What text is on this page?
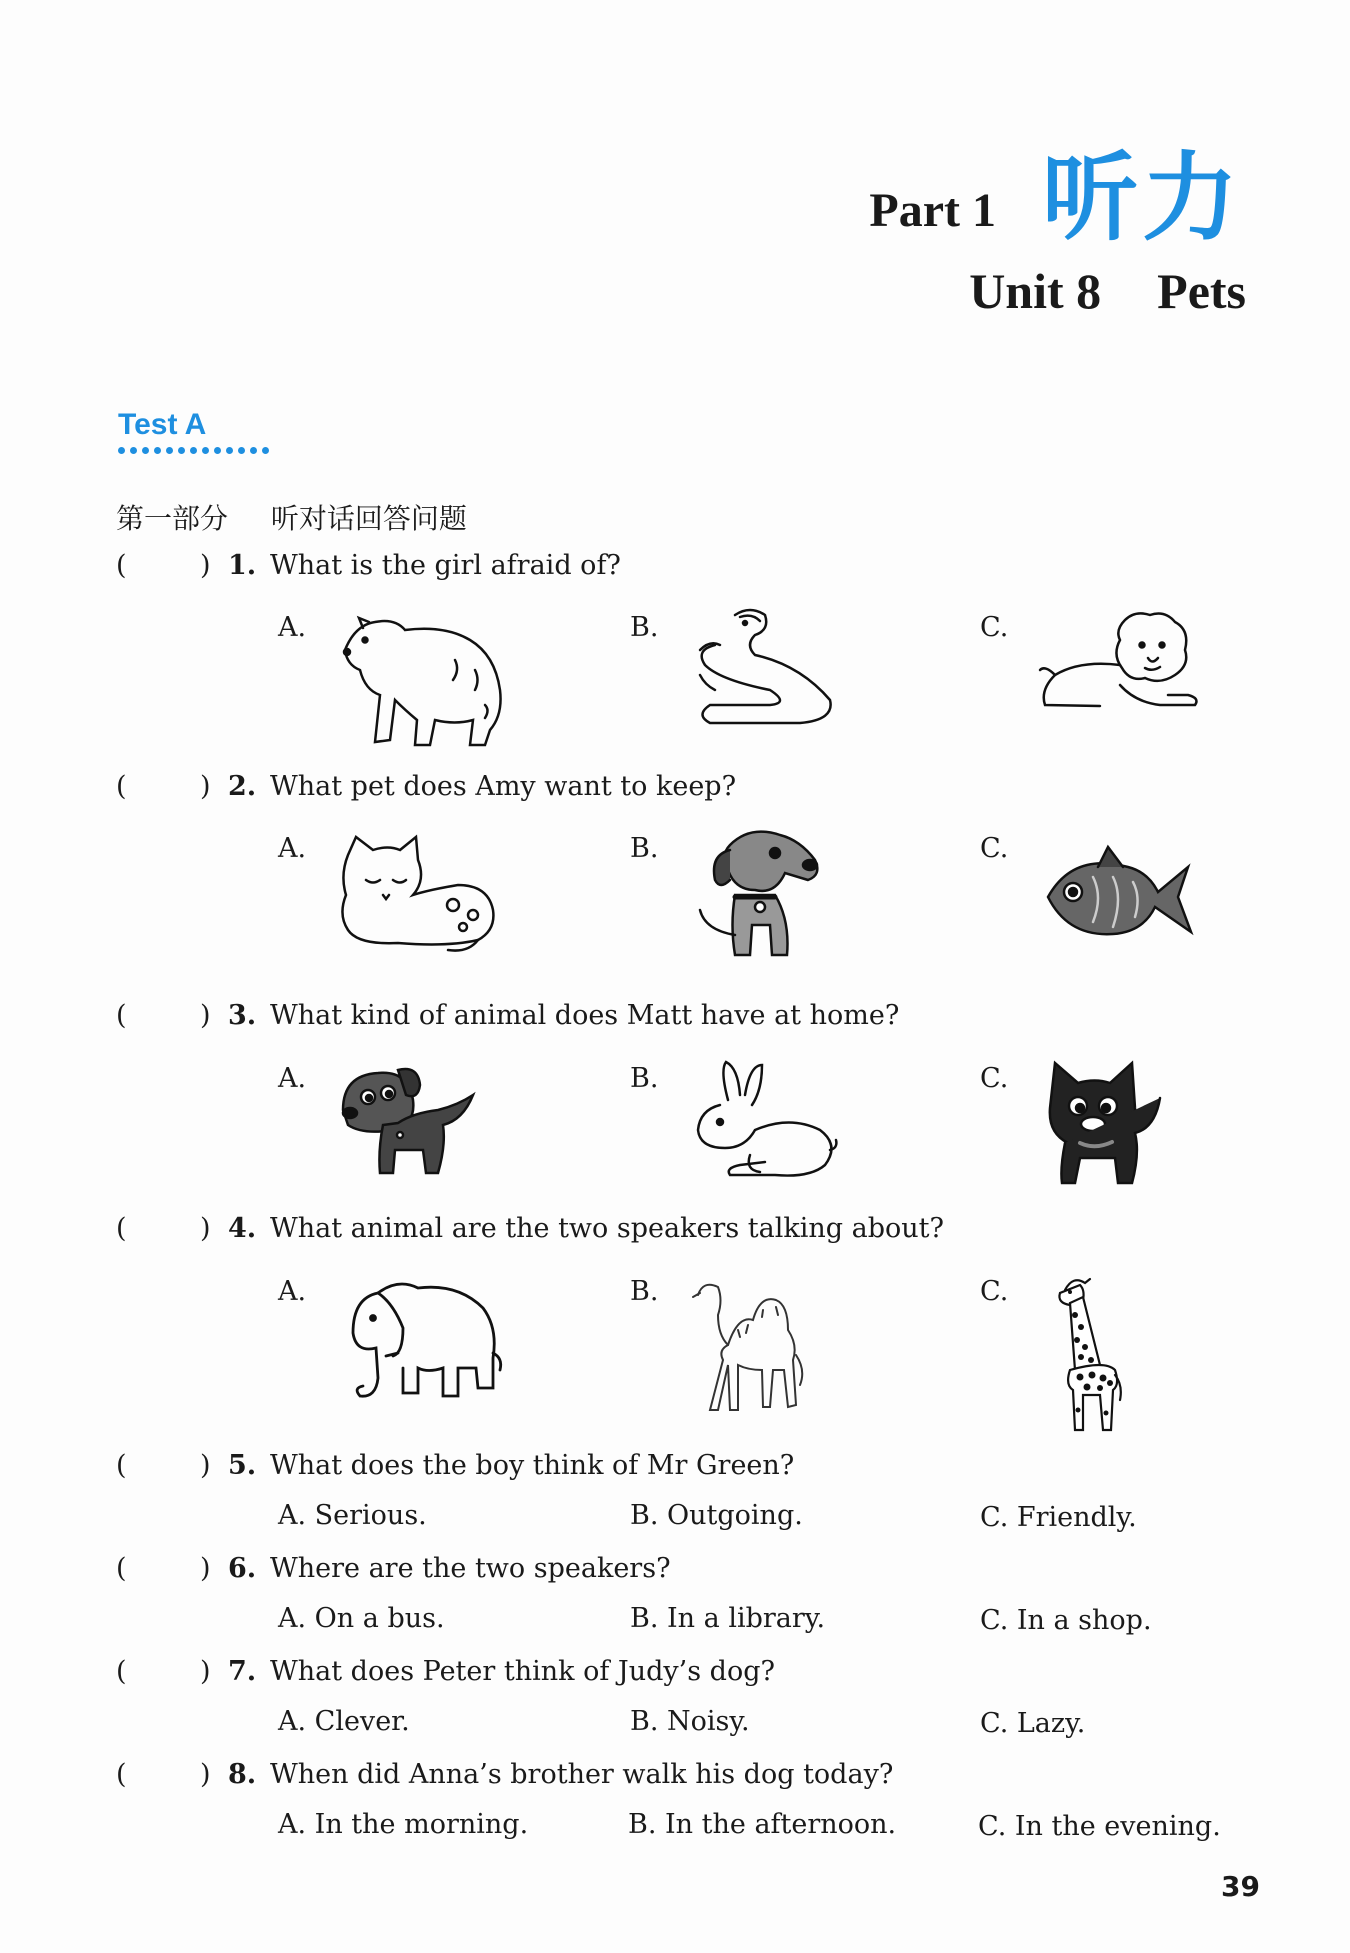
Part 1 听力
Unit 8 Pets
Test A
第一部分 听对话回答问题
(	) 1. What is the girl afraid of?
A.	B.	C.
(	) 2. What pet does Amy want to keep?
A.	B.	C.
(	) 3. What kind of animal does Matt have at home?
A.	B.	C.
(	) 4. What animal are the two speakers talking about?
A.	B.	C.
(	) 5. What does the boy think of Mr Green?
A. Serious.	B. Outgoing.	C. Friendly.
(	) 6. Where are the two speakers?
A. On a bus.	B. In a library.	C. In a shop.
(	) 7. What does Peter think of Judy’s dog?
A. Clever.	B. Noisy.	C. Lazy.
(	) 8. When did Anna’s brother walk his dog today?
A. In the morning.	B. In the afternoon.	C. In the evening.
39
